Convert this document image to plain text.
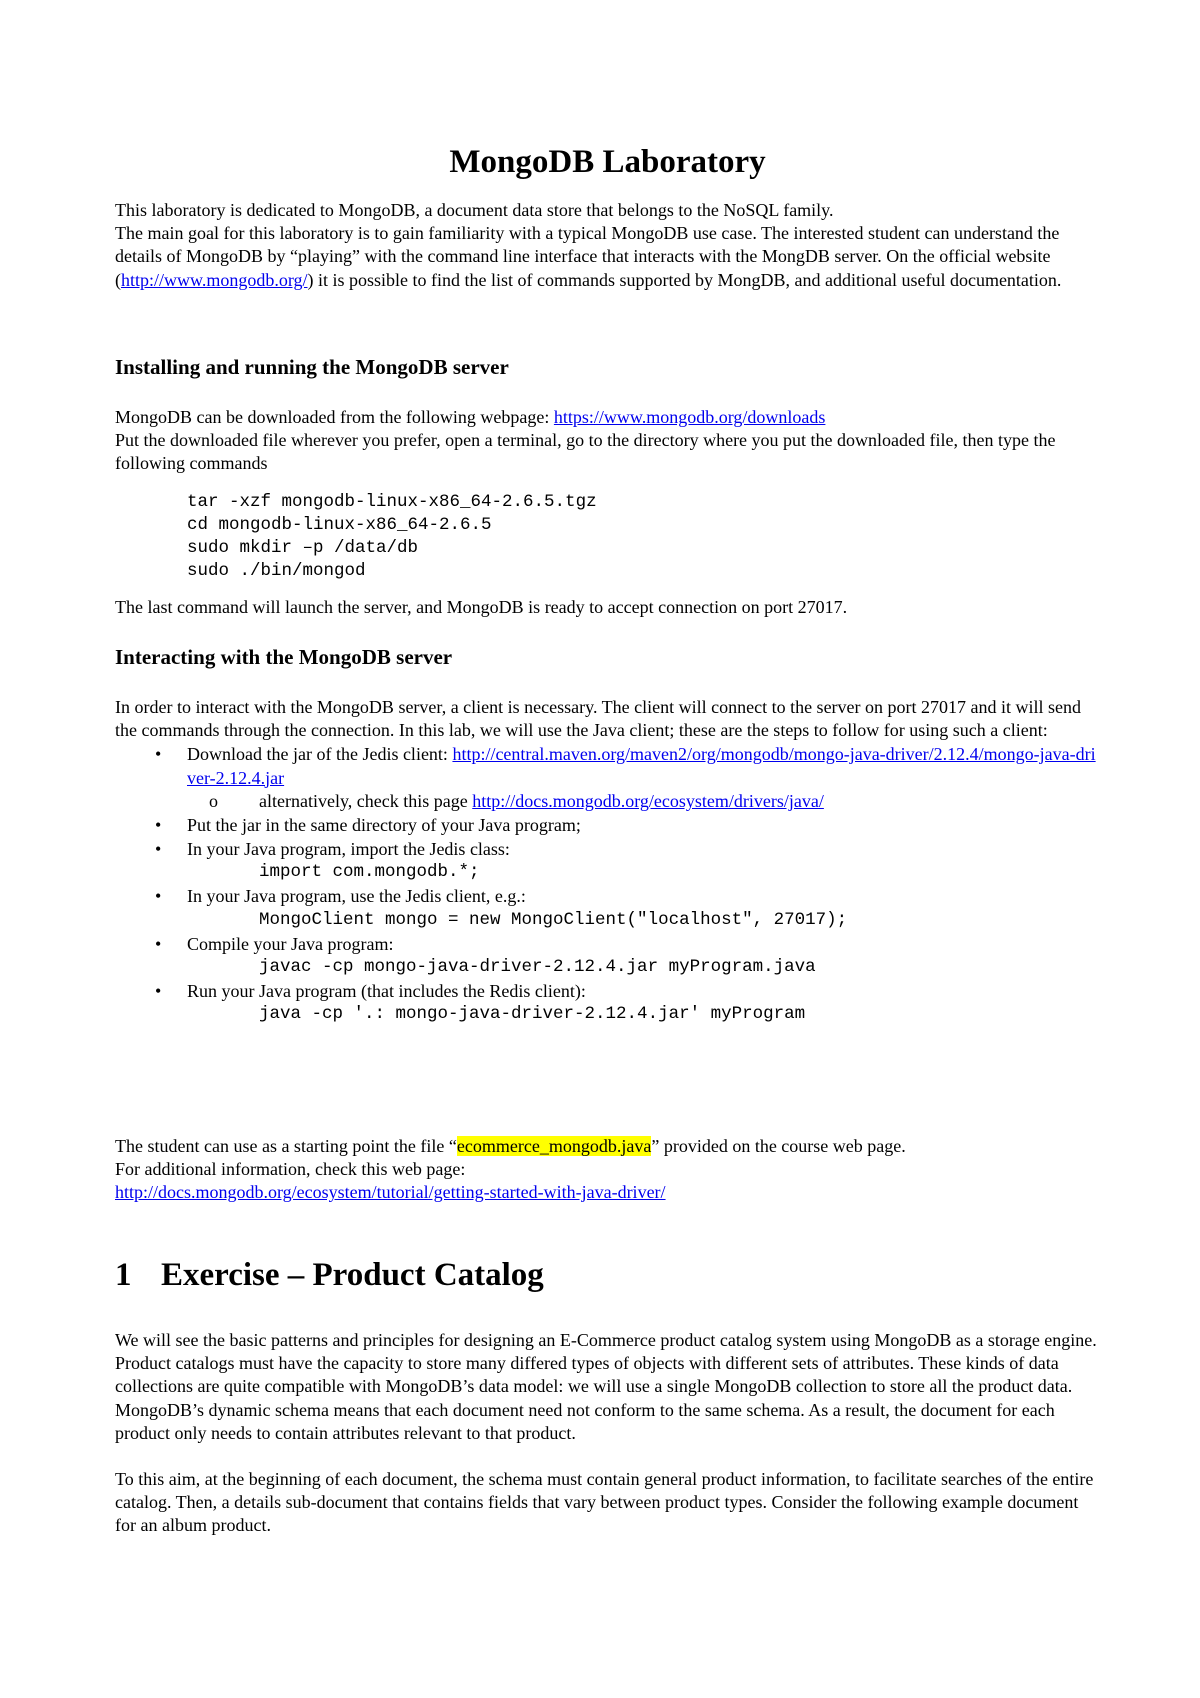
MongoDB Laboratory

This laboratory is dedicated to MongoDB, a document data store that belongs to the NoSQL family.

The main goal for this laboratory is to gain familiarity with a typical MongoDB use case. The interested student can understand the details of MongoDB by “playing” with the command line interface that interacts with the MongDB server. On the official website (http://www.mongodb.org/) it is possible to find the list of commands supported by MongDB, and additional useful documentation.

Installing and running the MongoDB server

MongoDB can be downloaded from the following webpage: https://www.mongodb.org/downloads

Put the downloaded file wherever you prefer, open a terminal, go to the directory where you put the downloaded file, then type the following commands

tar -xzf mongodb-linux-x86_64-2.6.5.tgz
cd mongodb-linux-x86_64-2.6.5
sudo mkdir –p /data/db
sudo ./bin/mongod

The last command will launch the server, and MongoDB is ready to accept connection on port 27017.

Interacting with the MongoDB server

In order to interact with the MongoDB server, a client is necessary. The client will connect to the server on port 27017 and it will send the commands through the connection. In this lab, we will use the Java client; these are the steps to follow for using such a client:

• Download the jar of the Jedis client: http://central.maven.org/maven2/org/mongodb/mongo-java-driver/2.12.4/mongo-java-driver-2.12.4.jar
o alternatively, check this page http://docs.mongodb.org/ecosystem/drivers/java/
• Put the jar in the same directory of your Java program;
• In your Java program, import the Jedis class:
import com.mongodb.*;
• In your Java program, use the Jedis client, e.g.:
MongoClient mongo = new MongoClient("localhost", 27017);
• Compile your Java program:
javac -cp mongo-java-driver-2.12.4.jar myProgram.java
• Run your Java program (that includes the Redis client):
java -cp '.: mongo-java-driver-2.12.4.jar' myProgram

The student can use as a starting point the file “ecommerce_mongodb.java” provided on the course web page.

For additional information, check this web page:

http://docs.mongodb.org/ecosystem/tutorial/getting-started-with-java-driver/

1 Exercise – Product Catalog

We will see the basic patterns and principles for designing an E-Commerce product catalog system using MongoDB as a storage engine. Product catalogs must have the capacity to store many differed types of objects with different sets of attributes. These kinds of data collections are quite compatible with MongoDB’s data model: we will use a single MongoDB collection to store all the product data. MongoDB’s dynamic schema means that each document need not conform to the same schema. As a result, the document for each product only needs to contain attributes relevant to that product.

To this aim, at the beginning of each document, the schema must contain general product information, to facilitate searches of the entire catalog. Then, a details sub-document that contains fields that vary between product types. Consider the following example document for an album product.
